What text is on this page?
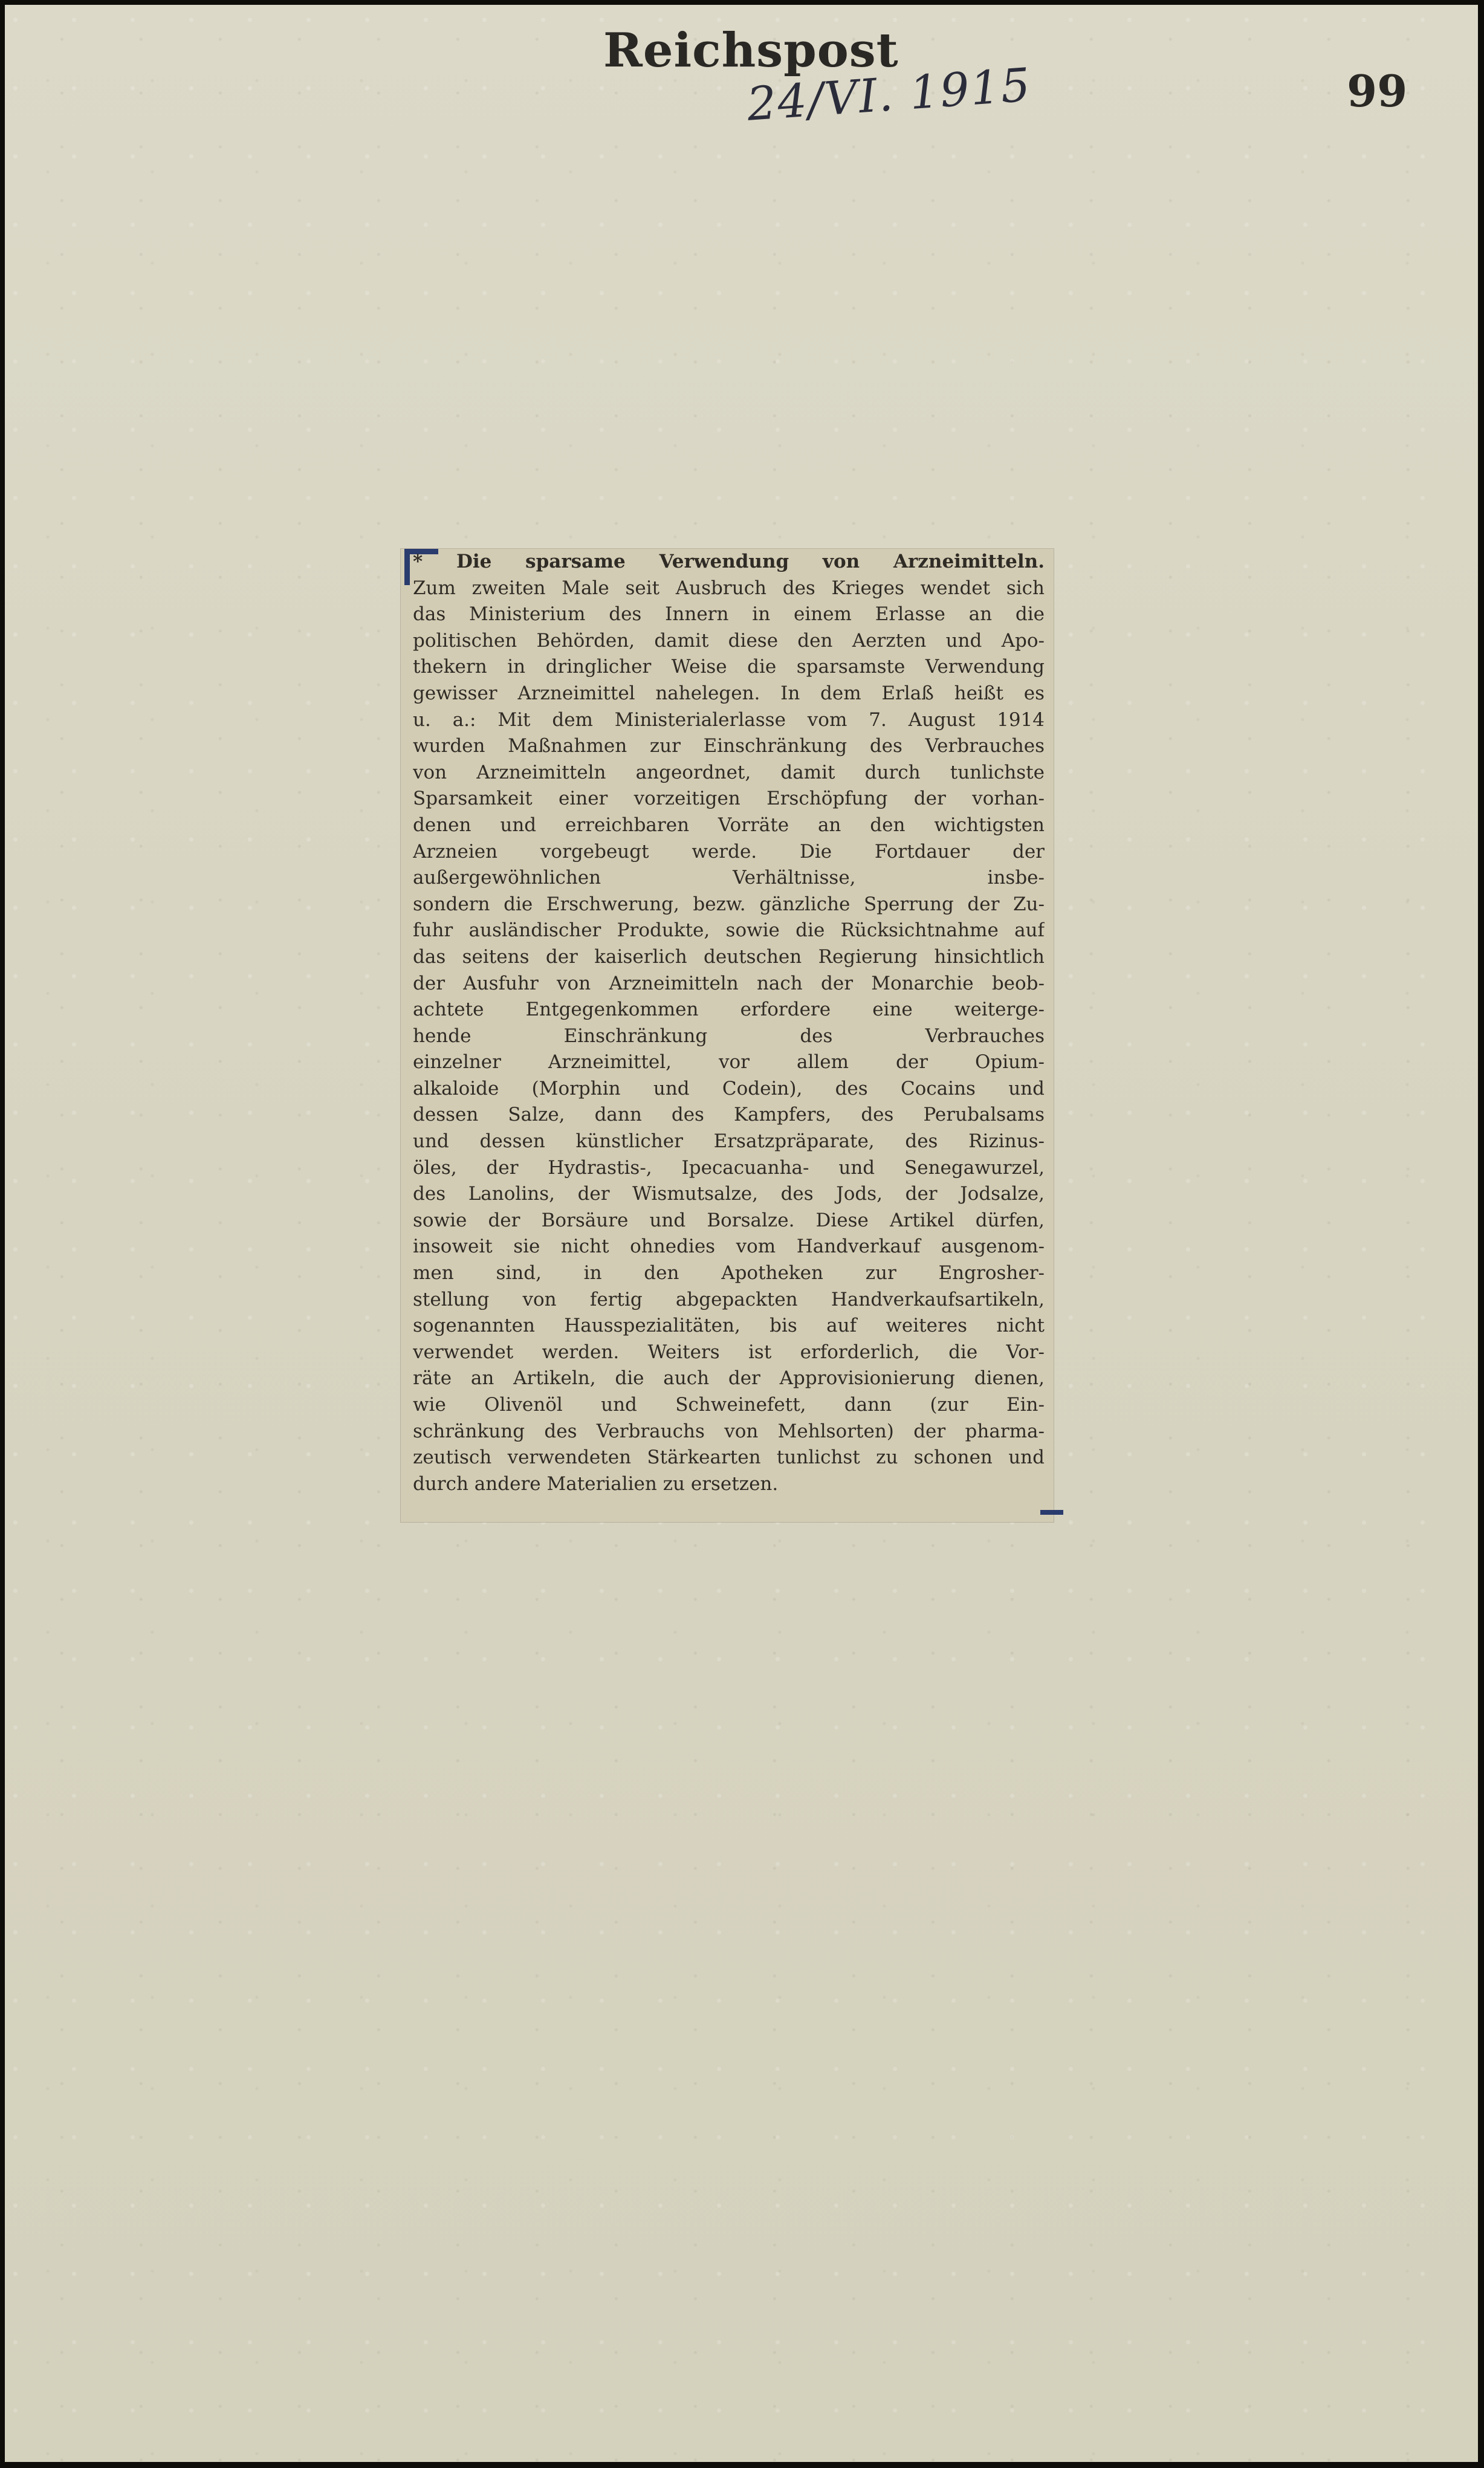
Reichspost
24/VI. 1915	99
* Die sparsame Verwendung von Arzneimitteln.
Zum zweiten Male seit Ausbruch des Krieges wendet sich
das Ministerium des Innern in einem Erlasse an die
politischen Behörden, damit diese den Aerzten und Apo-
thekern in dringlicher Weise die sparsamste Verwendung
gewisser Arzneimittel nahelegen. In dem Erlaß heißt es
u. a.: Mit dem Ministerialerlasse vom 7. August 1914
wurden Maßnahmen zur Einschränkung des Verbrauches
von Arzneimitteln angeordnet, damit durch tunlichste
Sparsamkeit einer vorzeitigen Erschöpfung der vorhan-
denen und erreichbaren Vorräte an den wichtigsten
Arzneien vorgebeugt werde. Die Fortdauer der
außergewöhnlichen Verhältnisse, insbe-
sondern die Erschwerung, bezw. gänzliche Sperrung der Zu-
fuhr ausländischer Produkte, sowie die Rücksichtnahme auf
das seitens der kaiserlich deutschen Regierung hinsichtlich
der Ausfuhr von Arzneimitteln nach der Monarchie beob-
achtete Entgegenkommen erfordere eine weiterge-
hende Einschränkung des Verbrauches
einzelner Arzneimittel, vor allem der Opium-
alkaloide (Morphin und Codein), des Cocains und
dessen Salze, dann des Kampfers, des Perubalsams
und dessen künstlicher Ersatzpräparate, des Rizinus-
öles, der Hydrastis-, Ipecacuanha- und Senegawurzel,
des Lanolins, der Wismutsalze, des Jods, der Jodsalze,
sowie der Borsäure und Borsalze. Diese Artikel dürfen,
insoweit sie nicht ohnedies vom Handverkauf ausgenom-
men sind, in den Apotheken zur Engrosher-
stellung von fertig abgepackten Handverkaufsartikeln,
sogenannten Hausspezialitäten, bis auf weiteres nicht
verwendet werden. Weiters ist erforderlich, die Vor-
räte an Artikeln, die auch der Approvisionierung dienen,
wie Olivenöl und Schweinefett, dann (zur Ein-
schränkung des Verbrauchs von Mehlsorten) der pharma-
zeutisch verwendeten Stärkearten tunlichst zu schonen und
durch andere Materialien zu ersetzen.
